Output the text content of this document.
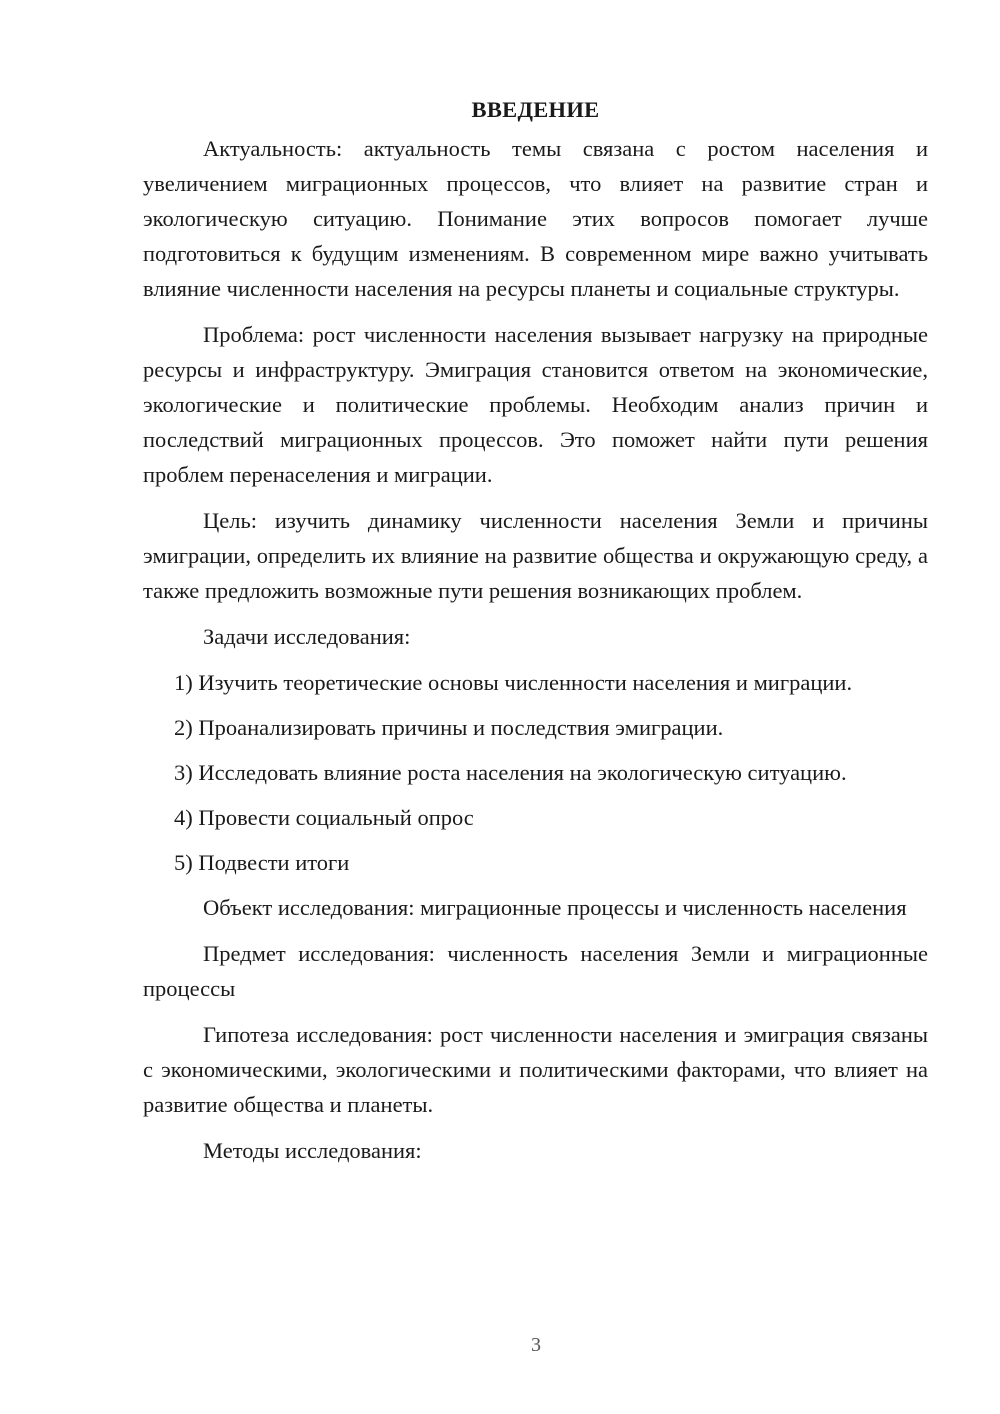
ВВЕДЕНИЕ

Актуальность: актуальность темы связана с ростом населения и увеличением миграционных процессов, что влияет на развитие стран и экологическую ситуацию. Понимание этих вопросов помогает лучше подготовиться к будущим изменениям. В современном мире важно учитывать влияние численности населения на ресурсы планеты и социальные структуры.

Проблема: рост численности населения вызывает нагрузку на природные ресурсы и инфраструктуру. Эмиграция становится ответом на экономические, экологические и политические проблемы. Необходим анализ причин и последствий миграционных процессов. Это поможет найти пути решения проблем перенаселения и миграции.

Цель: изучить динамику численности населения Земли и причины эмиграции, определить их влияние на развитие общества и окружающую среду, а также предложить возможные пути решения возникающих проблем.

Задачи исследования:

1) Изучить теоретические основы численности населения и миграции.
2) Проанализировать причины и последствия эмиграции.
3) Исследовать влияние роста населения на экологическую ситуацию.
4) Провести социальный опрос
5) Подвести итоги

Объект исследования: миграционные процессы и численность населения

Предмет исследования: численность населения Земли и миграционные процессы

Гипотеза исследования: рост численности населения и эмиграция связаны с экономическими, экологическими и политическими факторами, что влияет на развитие общества и планеты.

Методы исследования:

3
